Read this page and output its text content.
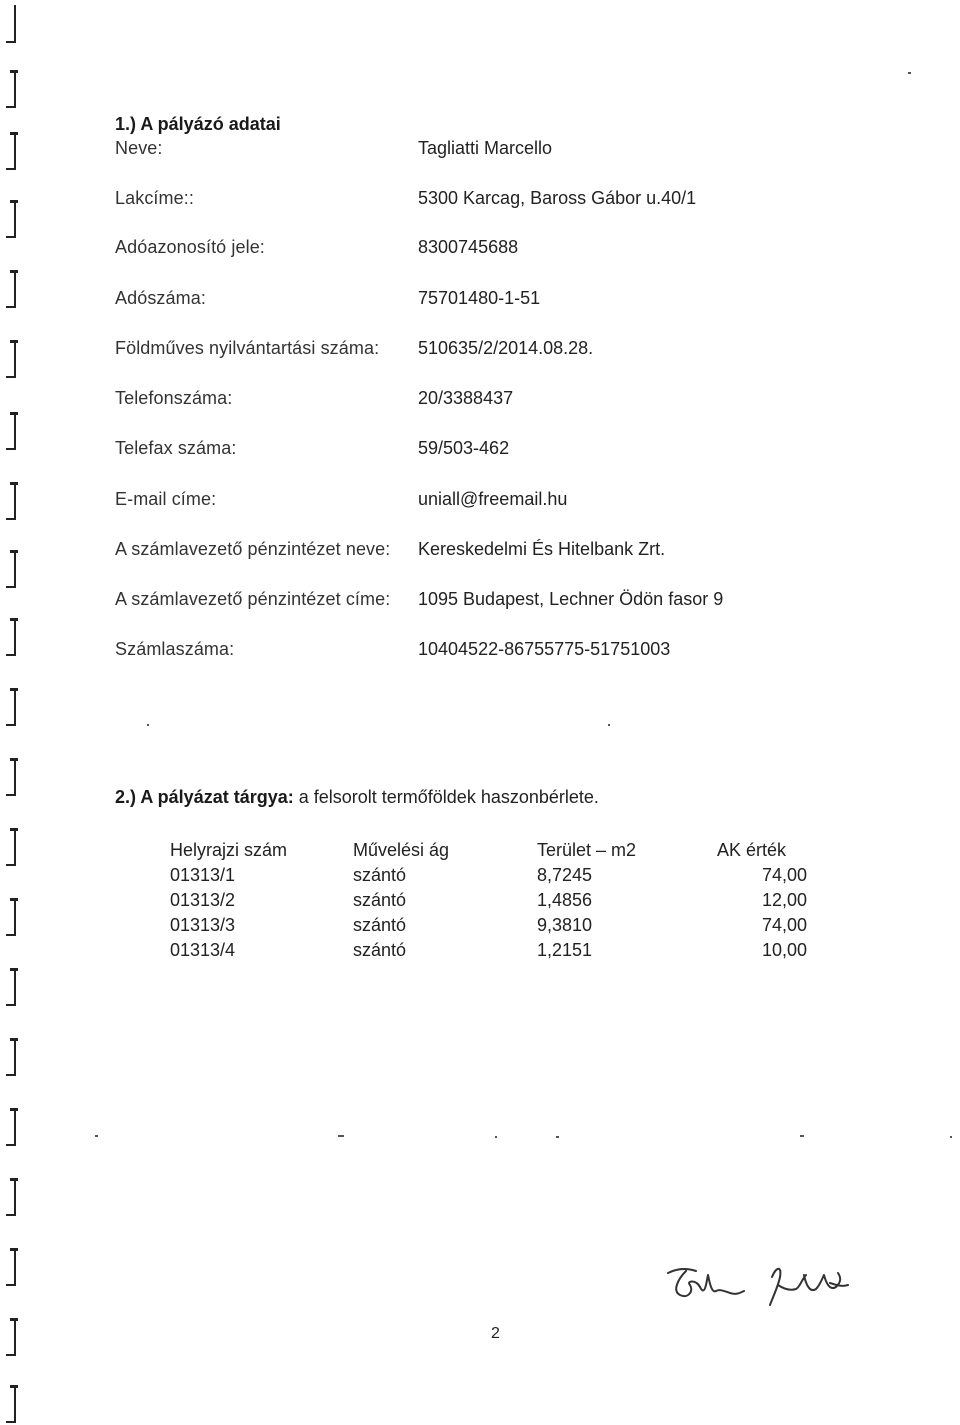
1.) A pályázó adatai
Neve:	Tagliatti Marcello
Lakcíme::	5300 Karcag, Baross Gábor u.40/1
Adóazonosító jele:	8300745688
Adószáma:	75701480-1-51
Földműves nyilvántartási száma: 510635/2/2014.08.28.
Telefonszáma:	20/3388437
Telefax száma:	59/503-462
E-mail címe:	uniall@freemail.hu
A számlavezető pénzintézet neve: Kereskedelmi És Hitelbank Zrt.
A számlavezető pénzintézet címe: 1095 Budapest, Lechner Ödön fasor 9
Számlaszáma:	10404522-86755775-51751003
2.) A pályázat tárgya: a felsorolt termőföldek haszonbérlete.
Helyrajzi szám	Művelési ág	Terület – m2	AK érték
01313/1	szántó	8,7245	74,00
01313/2	szántó	1,4856	12,00
01313/3	szántó	9,3810	74,00
01313/4	szántó	1,2151	10,00
2
